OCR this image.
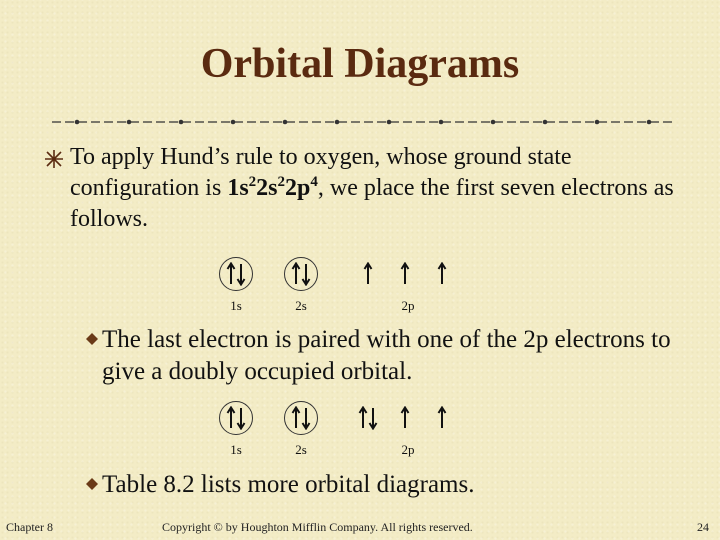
Orbital Diagrams
To apply Hund’s rule to oxygen, whose ground state configuration is $1s^22s^22p^4$, we place the first seven electrons as follows.
1s	2s	2p
The last electron is paired with one of the 2p electrons to give a doubly occupied orbital.
1s	2s	2p
Table 8.2 lists more orbital diagrams.
Chapter 8	Copyright © by Houghton Mifflin Company. All rights reserved.	24
